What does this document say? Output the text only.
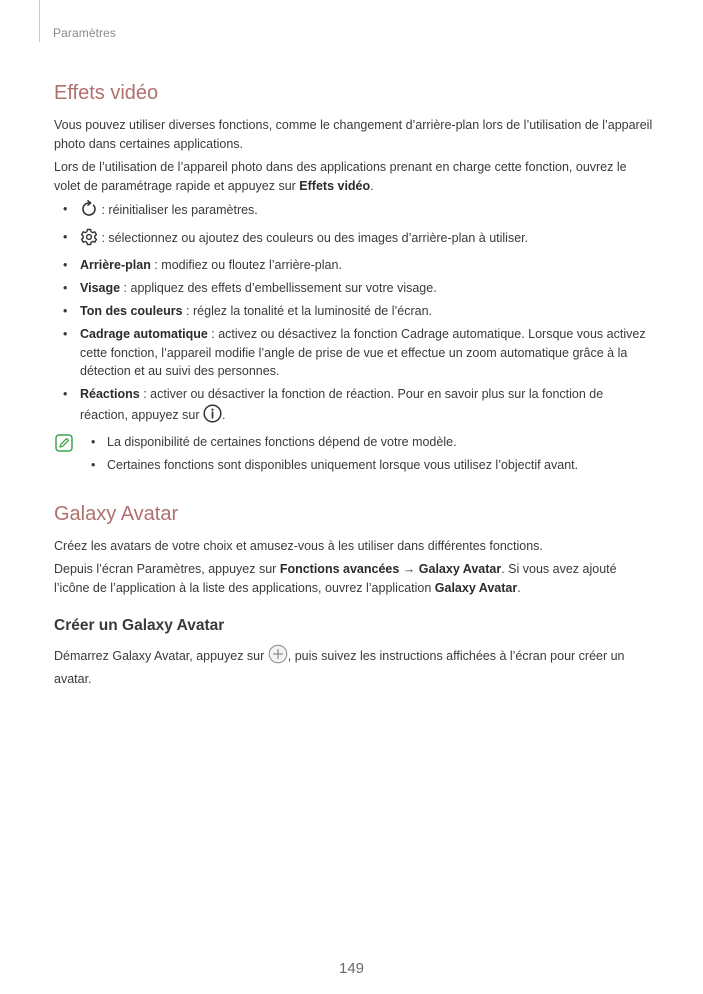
Paramètres
Effets vidéo

Vous pouvez utiliser diverses fonctions, comme le changement d’arrière-plan lors de l’utilisation de l’appareil photo dans certaines applications.

Lors de l’utilisation de l’appareil photo dans des applications prenant en charge cette fonction, ouvrez le volet de paramétrage rapide et appuyez sur Effets vidéo.

• : réinitialiser les paramètres.
• : sélectionnez ou ajoutez des couleurs ou des images d’arrière-plan à utiliser.
• Arrière-plan : modifiez ou floutez l’arrière-plan.
• Visage : appliquez des effets d’embellissement sur votre visage.
• Ton des couleurs : réglez la tonalité et la luminosité de l’écran.
• Cadrage automatique : activez ou désactivez la fonction Cadrage automatique. Lorsque vous activez cette fonction, l’appareil modifie l’angle de prise de vue et effectue un zoom automatique grâce à la détection et au suivi des personnes.
• Réactions : activer ou désactiver la fonction de réaction. Pour en savoir plus sur la fonction de réaction, appuyez sur .
• La disponibilité de certaines fonctions dépend de votre modèle.
• Certaines fonctions sont disponibles uniquement lorsque vous utilisez l’objectif avant.
Galaxy Avatar

Créez les avatars de votre choix et amusez-vous à les utiliser dans différentes fonctions.

Depuis l’écran Paramètres, appuyez sur Fonctions avancées → Galaxy Avatar. Si vous avez ajouté l’icône de l’application à la liste des applications, ouvrez l’application Galaxy Avatar.

Créer un Galaxy Avatar

Démarrez Galaxy Avatar, appuyez sur , puis suivez les instructions affichées à l’écran pour créer un avatar.

149
